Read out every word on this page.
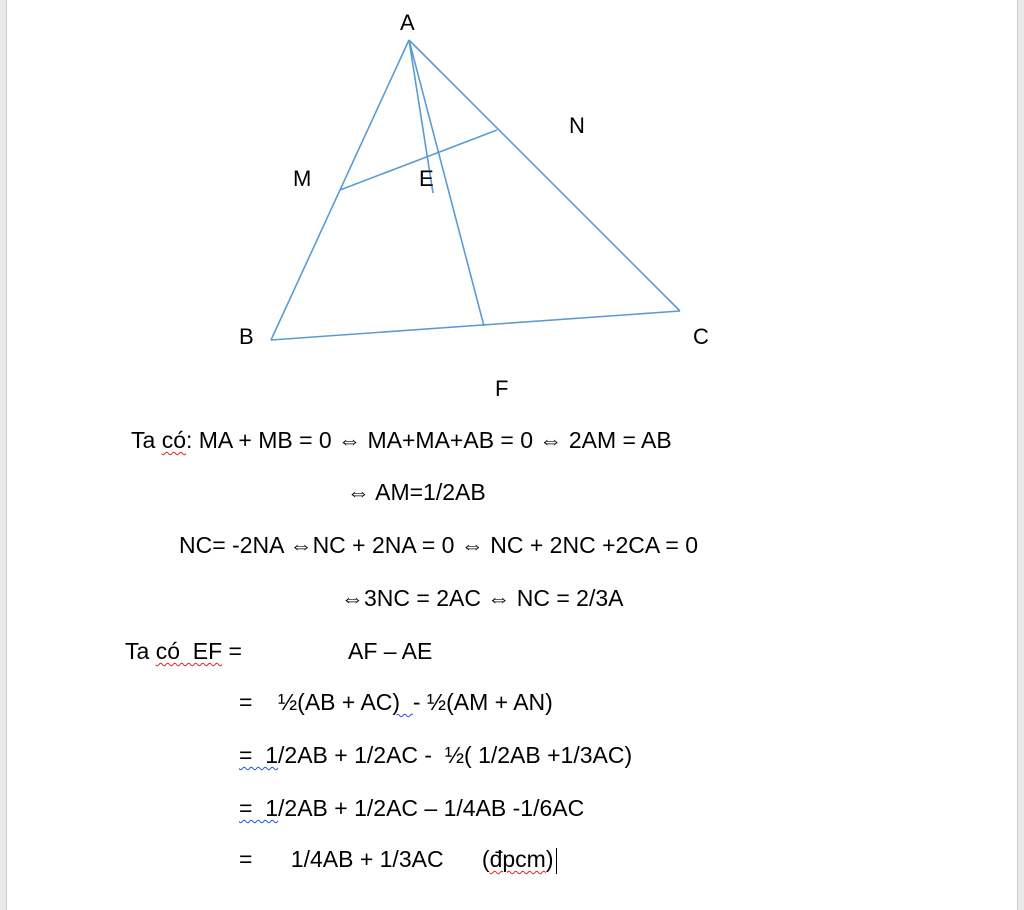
A
N
M	E
B	C
F
Ta có: MA + MB = 0 ⇔ MA+MA+AB = 0 ⇔ 2AM = AB
⇔ AM=1/2AB
NC= -2NA ⇔NC + 2NA = 0 ⇔ NC + 2NC +2CA = 0
⇔3NC = 2AC ⇔ NC = 2/3A
Ta có  EF =	AF – AE
=    ½(AB + AC)  - ½(AM + AN)
=  1/2AB + 1/2AC -  ½( 1/2AB +1/3AC)
=  1/2AB + 1/2AC – 1/4AB -1/6AC
=      1/4AB + 1/3AC      (đpcm)
